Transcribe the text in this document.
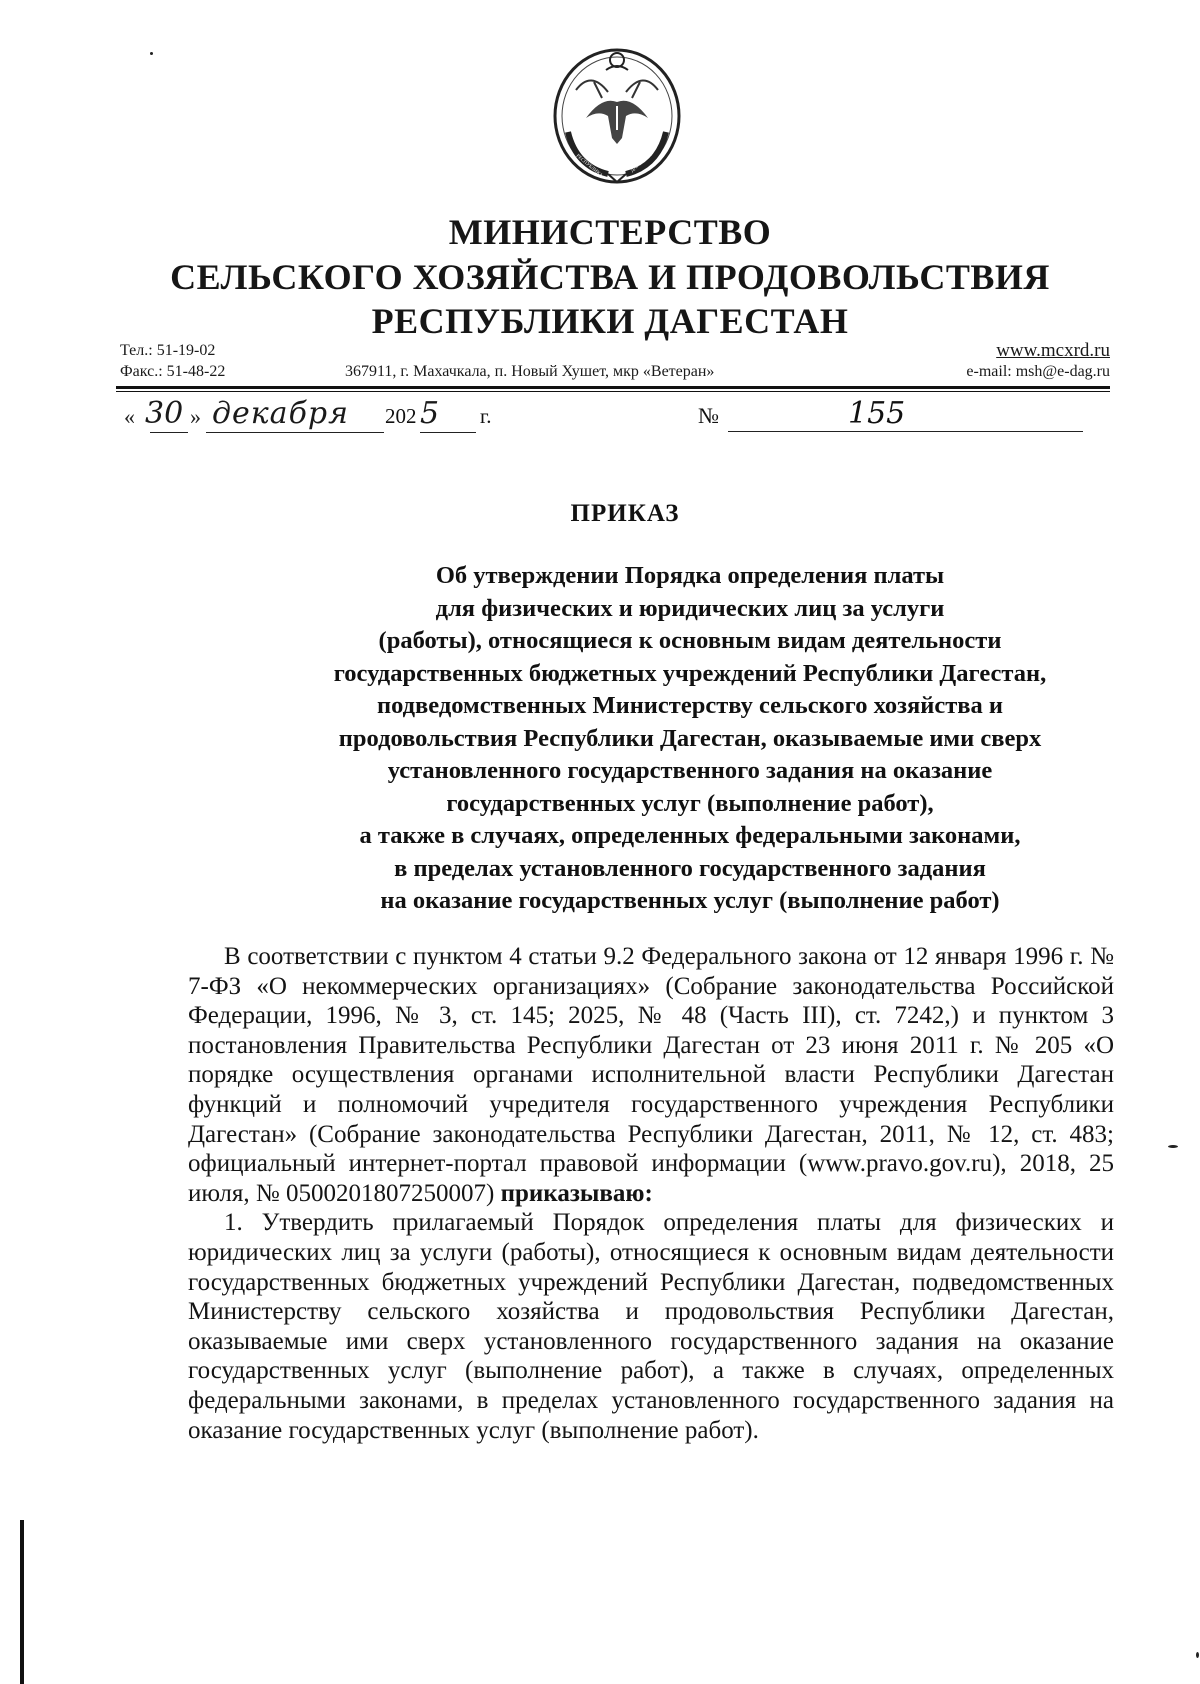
РЕСПУБЛИКА	ДАГЕСТАН
МИНИСТЕРСТВО
СЕЛЬСКОГО ХОЗЯЙСТВА И ПРОДОВОЛЬСТВИЯ
РЕСПУБЛИКИ ДАГЕСТАН
Тел.: 51-19-02
Факс.: 51-48-22	367911, г. Махачкала, п. Новый Хушет, мкр «Ветеран»
www.mcxrd.ru
e-mail: msh@e-dag.ru
« 30 » декабря 202 5 г.	№	155
ПРИКАЗ
Об утверждении Порядка определения платы
для физических и юридических лиц за услуги
(работы), относящиеся к основным видам деятельности
государственных бюджетных учреждений Республики Дагестан,
подведомственных Министерству сельского хозяйства и
продовольствия Республики Дагестан, оказываемые ими сверх
установленного государственного задания на оказание
государственных услуг (выполнение работ),
а также в случаях, определенных федеральными законами,
в пределах установленного государственного задания
на оказание государственных услуг (выполнение работ)

В соответствии с пунктом 4 статьи 9.2 Федерального закона от 12 января 1996 г. № 7-ФЗ «О некоммерческих организациях» (Собрание законодательства Российской Федерации, 1996, № 3, ст. 145; 2025, № 48 (Часть III), ст. 7242,) и пунктом 3 постановления Правительства Республики Дагестан от 23 июня 2011 г. № 205 «О порядке осуществления органами исполнительной власти Республики Дагестан функций и полномочий учредителя государственного учреждения Республики Дагестан» (Собрание законодательства Республики Дагестан, 2011, № 12, ст. 483; официальный интернет-портал правовой информации (www.pravo.gov.ru), 2018, 25 июля, № 0500201807250007) приказываю:

1. Утвердить прилагаемый Порядок определения платы для физических и юридических лиц за услуги (работы), относящиеся к основным видам деятельности государственных бюджетных учреждений Республики Дагестан, подведомственных Министерству сельского хозяйства и продовольствия Республики Дагестан, оказываемые ими сверх установленного государственного задания на оказание государственных услуг (выполнение работ), а также в случаях, определенных федеральными законами, в пределах установленного государственного задания на оказание государственных услуг (выполнение работ).
